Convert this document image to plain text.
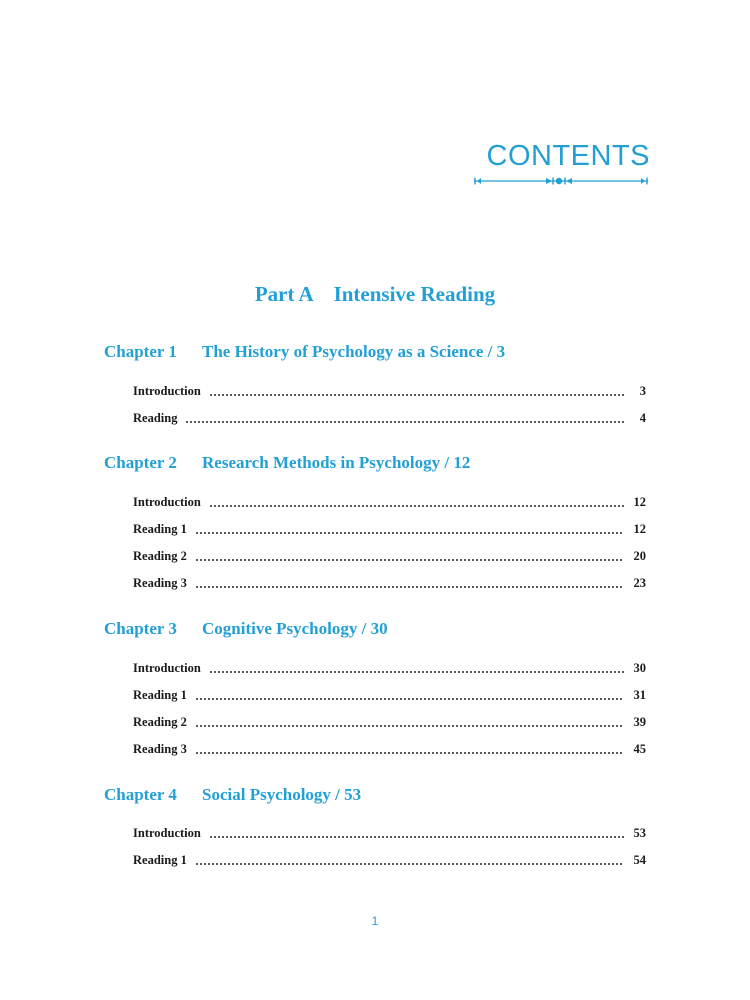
CONTENTS
Part A Intensive Reading
Chapter 1 The History of Psychology as a Science / 3
Introduction	3
Reading	4
Chapter 2 Research Methods in Psychology / 12
Introduction	12
Reading 1	12
Reading 2	20
Reading 3	23
Chapter 3 Cognitive Psychology / 30
Introduction	30
Reading 1	31
Reading 2	39
Reading 3	45
Chapter 4 Social Psychology / 53
Introduction	53
Reading 1	54
1
